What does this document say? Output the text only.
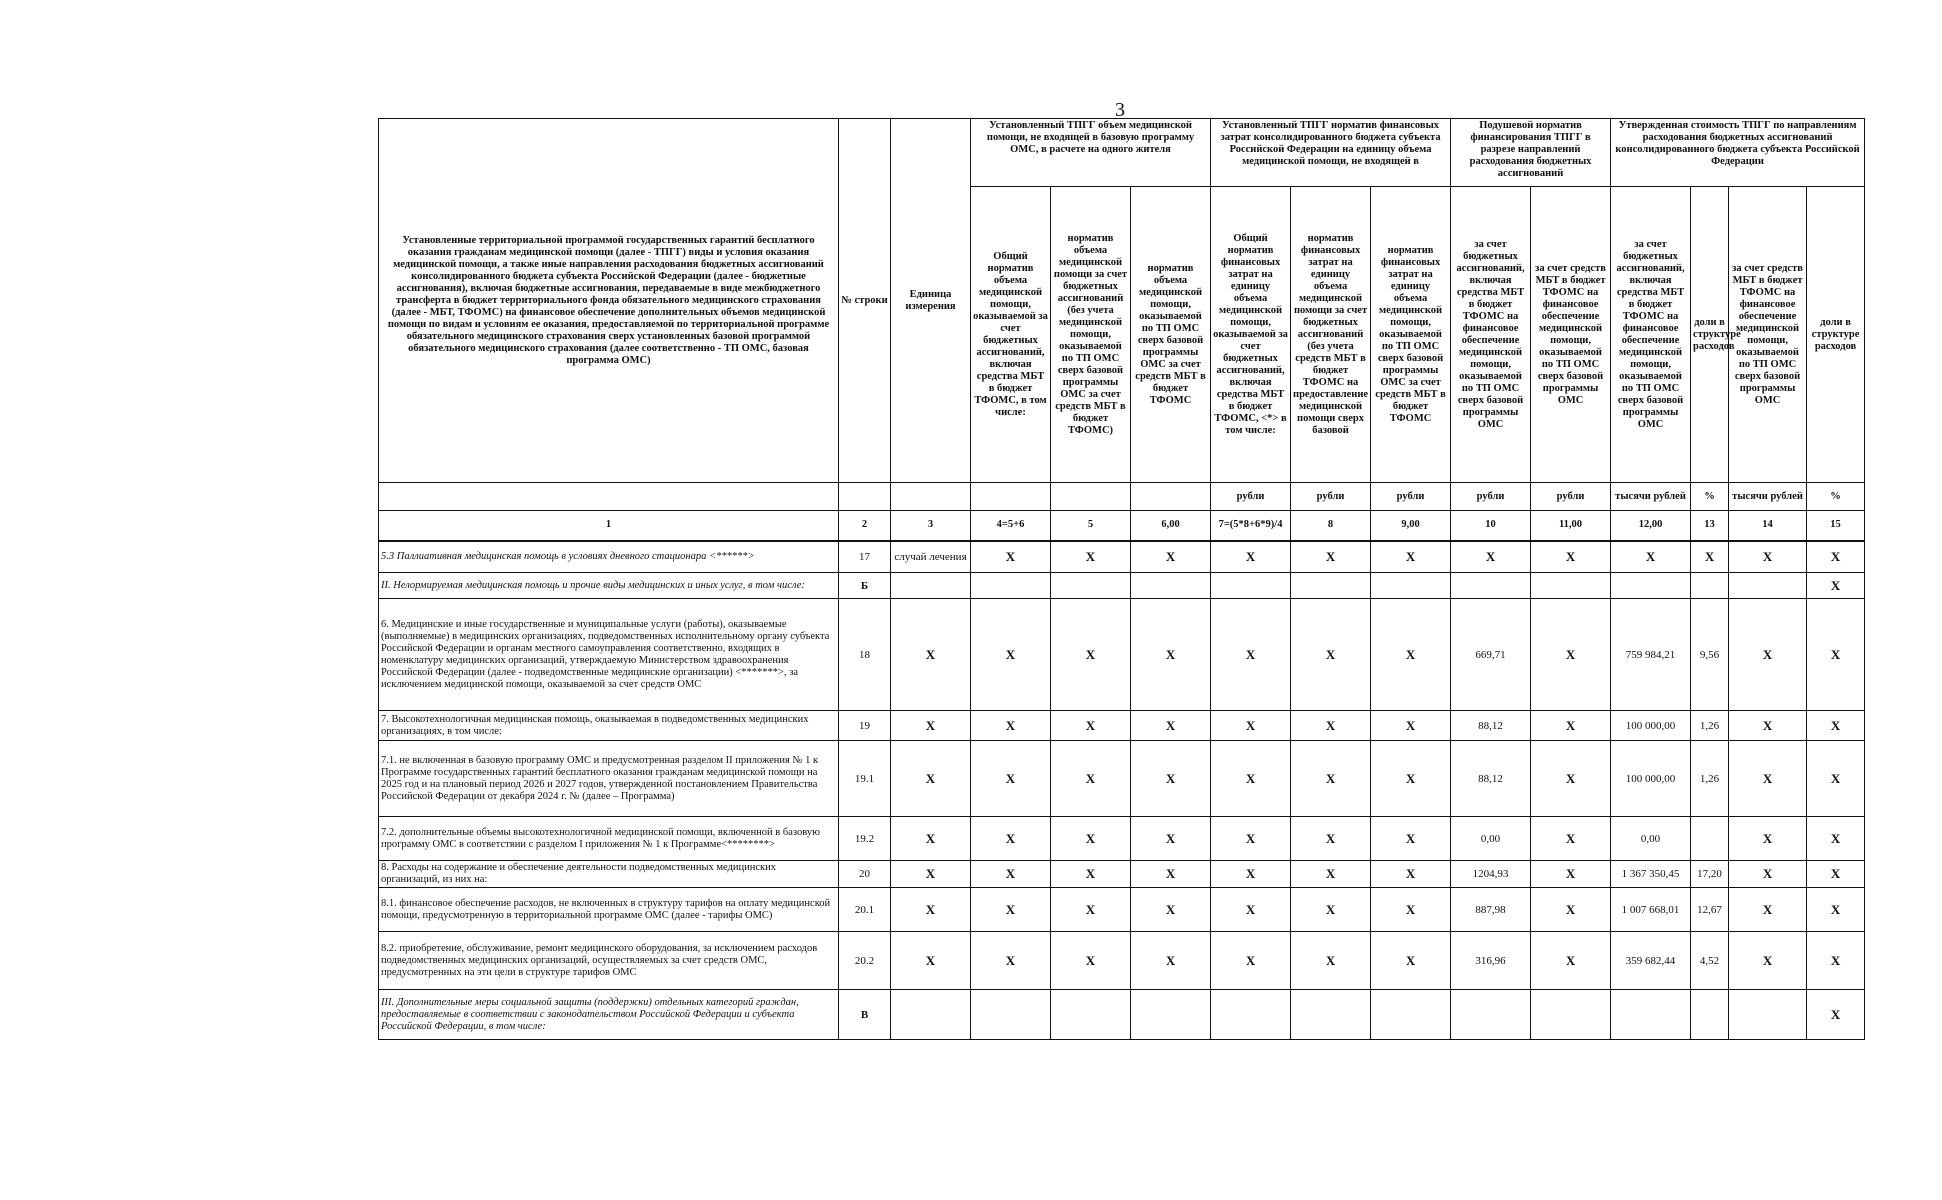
3
Установленные территориальной программой государственных гарантий бесплатного оказания гражданам медицинской помощи (далее - ТПГГ) виды и условия оказания медицинской помощи, а также иные направления расходования бюджетных ассигнований консолидированного бюджета субъекта Российской Федерации (далее - бюджетные ассигнования), включая бюджетные ассигнования, передаваемые в виде межбюджетного трансферта в бюджет территориального фонда обязательного медицинского страхования (далее - МБТ, ТФОМС) на финансовое обеспечение дополнительных объемов медицинской помощи по видам и условиям ее оказания, предоставляемой по территориальной программе обязательного медицинского страхования сверх установленных базовой программой обязательного медицинского страхования (далее соответственно - ТП ОМС, базовая программа ОМС)	№ строки	Единица измерения	Установленный ТПГГ объем медицинской помощи, не входящей в базовую программу ОМС, в расчете на одного жителя			Установленный ТПГГ норматив финансовых затрат консолидированного бюджета субъекта Российской Федерации на единицу объема медицинской помощи, не входящей в			Подушевой норматив финансирования ТПГГ в разрезе направлений расходования бюджетных ассигнований		Утвержденная стоимость ТПГГ по направлениям расходования бюджетных ассигнований консолидированного бюджета субъекта Российской Федерации			
			Общий норматив объема медицинской помощи, оказываемой за счет бюджетных ассигнований, включая средства МБТ в бюджет ТФОМС, в том числе:	норматив объема медицинской помощи за счет бюджетных ассигнований (без учета медицинской помощи, оказываемой по ТП ОМС сверх базовой программы ОМС за счет средств МБТ в бюджет ТФОМС)	норматив объема медицинской помощи, оказываемой по ТП ОМС сверх базовой программы ОМС за счет средств МБТ в бюджет ТФОМС	Общий норматив финансовых затрат на единицу объема медицинской помощи, оказываемой за счет бюджетных ассигнований, включая средства МБТ в бюджет ТФОМС, <*> в том числе:	норматив финансовых затрат на единицу объема медицинской помощи за счет бюджетных ассигнований (без учета средств МБТ в бюджет ТФОМС на предоставление медицинской помощи сверх базовой	норматив финансовых затрат на единицу объема медицинской помощи, оказываемой по ТП ОМС сверх базовой программы ОМС за счет средств МБТ в бюджет ТФОМС	за счет бюджетных ассигнований, включая средства МБТ в бюджет ТФОМС на финансовое обеспечение медицинской помощи, оказываемой по ТП ОМС сверх базовой программы ОМС	за счет средств МБТ в бюджет ТФОМС на финансовое обеспечение медицинской помощи, оказываемой по ТП ОМС сверх базовой программы ОМС	за счет бюджетных ассигнований, включая средства МБТ в бюджет ТФОМС на финансовое обеспечение медицинской помощи, оказываемой по ТП ОМС сверх базовой программы ОМС	доли в структуре расходов	за счет средств МБТ в бюджет ТФОМС на финансовое обеспечение медицинской помощи, оказываемой по ТП ОМС сверх базовой программы ОМС	доли в структуре расходов
						рубли	рубли	рубли	рубли	рубли	тысячи рублей	%	тысячи рублей	%
1	2	3	4=5+6	5	6,00	7=(5*8+6*9)/4	8	9,00	10	11,00	12,00	13	14	15
5.3 Паллиативная медицинская помощь в условиях дневного стационара <******>	17	случай лечения	X	X	X	X	X	X	X	X	X	X	X	X
II. Нелормируемая медицинская помощь и прочие виды медицинских и иных услуг, в том числе:	Б													X
6. Медицинские и иные государственные и муниципальные услуги (работы), оказываемые (выполняемые) в медицинских организациях, подведомственных исполнительному органу субъекта Российской Федерации и органам местного самоуправления соответственно, входящих в номенклатуру медицинских организаций, утверждаемую Министерством здравоохранения Российской Федерации (далее - подведомственные медицинские организации) <*******>, за исключением медицинской помощи, оказываемой за счет средств ОМС	18	X	X	X	X	X	X	X	669,71	X	759 984,21	9,56	X	X
7. Высокотехнологичная медицинская помощь, оказываемая в подведомственных медицинских организациях, в том числе:	19	X	X	X	X	X	X	X	88,12	X	100 000,00	1,26	X	X
7.1. не включенная в базовую программу ОМС и предусмотренная разделом II приложения № 1 к Программе государственных гарантий бесплатного оказания гражданам медицинской помощи на 2025 год и на плановый период 2026 и 2027 годов, утвержденной постановлением Правительства Российской Федерации от декабря 2024 г. № (далее – Программа)	19.1	X	X	X	X	X	X	X	88,12	X	100 000,00	1,26	X	X
7.2. дополнительные объемы высокотехнологичной медицинской помощи, включенной в базовую программу ОМС в соответствии с разделом I приложения № 1 к Программе<********>	19.2	X	X	X	X	X	X	X	0,00	X	0,00		X	X
8. Расходы на содержание и обеспечение деятельности подведомственных медицинских организаций, из них на:	20	X	X	X	X	X	X	X	1204,93	X	1 367 350,45	17,20	X	X
8.1. финансовое обеспечение расходов, не включенных в структуру тарифов на оплату медицинской помощи, предусмотренную в территориальной программе ОМС (далее - тарифы ОМС)	20.1	X	X	X	X	X	X	X	887,98	X	1 007 668,01	12,67	X	X
8.2. приобретение, обслуживание, ремонт медицинского оборудования, за исключением расходов подведомственных медицинских организаций, осуществляемых за счет средств ОМС, предусмотренных на эти цели в структуре тарифов ОМС	20.2	X	X	X	X	X	X	X	316,96	X	359 682,44	4,52	X	X
III. Дополнительные меры социальной защиты (поддержки) отдельных категорий граждан, предоставляемые в соответствии с законодательством Российской Федерации и субъекта Российской Федерации, в том числе:	В													X
